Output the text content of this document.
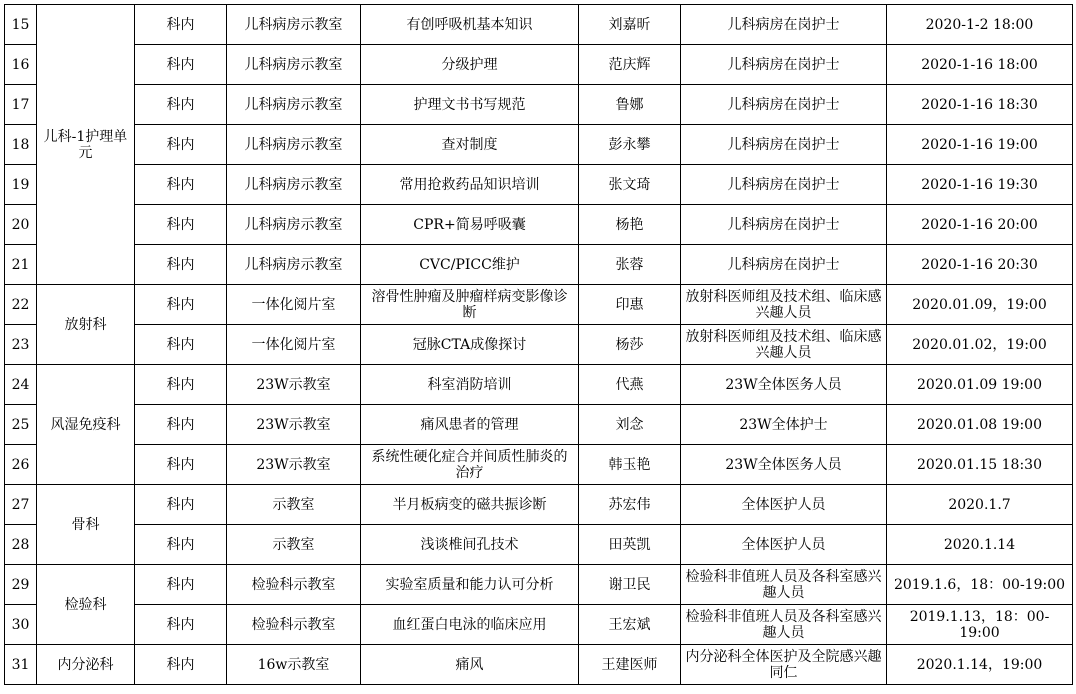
15	儿科-1护理单元	科内	儿科病房示教室	有创呼吸机基本知识	刘嘉昕	儿科病房在岗护士	2020-1-2 18:00
16		科内	儿科病房示教室	分级护理	范庆辉	儿科病房在岗护士	2020-1-16 18:00
17		科内	儿科病房示教室	护理文书书写规范	鲁娜	儿科病房在岗护士	2020-1-16 18:30
18		科内	儿科病房示教室	查对制度	彭永攀	儿科病房在岗护士	2020-1-16 19:00
19		科内	儿科病房示教室	常用抢救药品知识培训	张文琦	儿科病房在岗护士	2020-1-16 19:30
20		科内	儿科病房示教室	CPR+简易呼吸囊	杨艳	儿科病房在岗护士	2020-1-16 20:00
21		科内	儿科病房示教室	CVC/PICC维护	张蓉	儿科病房在岗护士	2020-1-16 20:30
22	放射科	科内	一体化阅片室	溶骨性肿瘤及肿瘤样病变影像诊断	印惠	放射科医师组及技术组、临床感兴趣人员	2020.01.09，19:00
23		科内	一体化阅片室	冠脉CTA成像探讨	杨莎	放射科医师组及技术组、临床感兴趣人员	2020.01.02，19:00
24	风湿免疫科	科内	23W示教室	科室消防培训	代燕	23W全体医务人员	2020.01.09 19:00
25		科内	23W示教室	痛风患者的管理	刘念	23W全体护士	2020.01.08 19:00
26		科内	23W示教室	系统性硬化症合并间质性肺炎的治疗	韩玉艳	23W全体医务人员	2020.01.15 18:30
27	骨科	科内	示教室	半月板病变的磁共振诊断	苏宏伟	全体医护人员	2020.1.7
28		科内	示教室	浅谈椎间孔技术	田英凯	全体医护人员	2020.1.14
29	检验科	科内	检验科示教室	实验室质量和能力认可分析	谢卫民	检验科非值班人员及各科室感兴趣人员	2019.1.6，18：00-19:00
30		科内	检验科示教室	血红蛋白电泳的临床应用	王宏斌	检验科非值班人员及各科室感兴趣人员	2019.1.13，18：00-19:00
31	内分泌科	科内	16w示教室	痛风	王建医师	内分泌科全体医护及全院感兴趣同仁	2020.1.14，19:00
